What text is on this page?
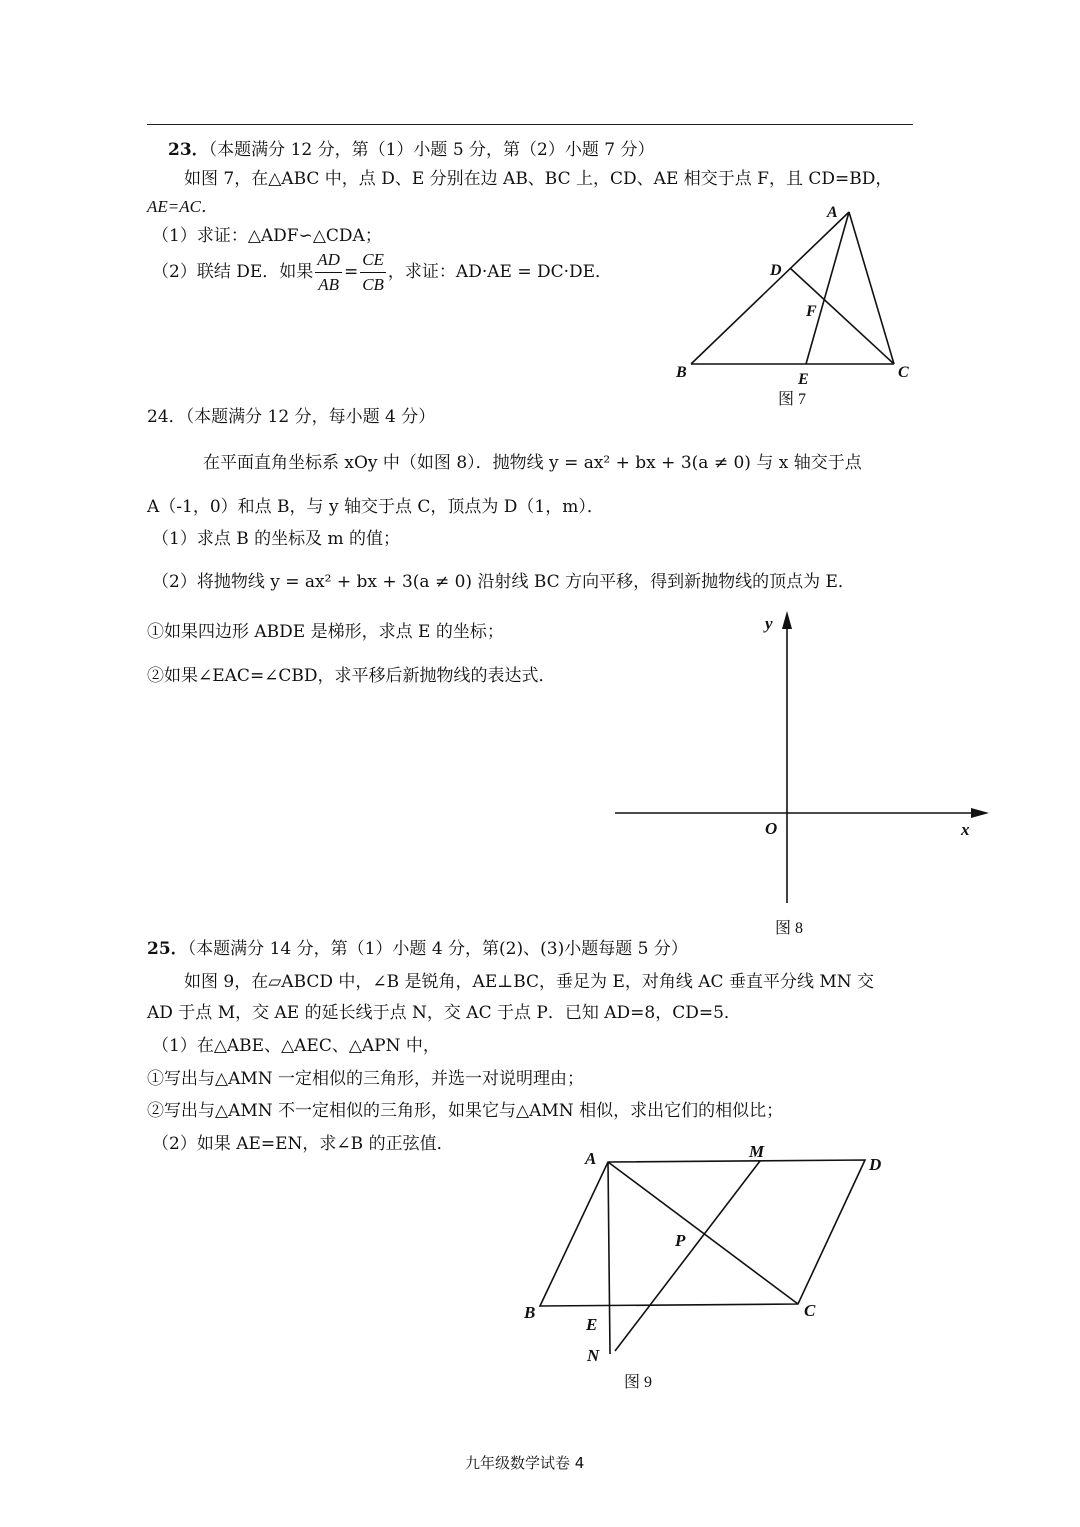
23．（本题满分 12 分，第（1）小题 5 分，第（2）小题 7 分）
如图 7，在△ABC 中，点 D、E 分别在边 AB、BC 上，CD、AE 相交于点 F，且 CD=BD，
AE=AC．
（1）求证：△ADF∽△CDA；
（2）联结 DE．如果 $\frac{AD}{AB} = \frac{CE}{CB}$ ，求证：AD·AE = DC·DE．
A
D
F
B	E	C
图 7
24．（本题满分 12 分，每小题 4 分）
在平面直角坐标系 xOy 中（如图 8）．抛物线 y = ax² + bx + 3(a ≠ 0) 与 x 轴交于点
A（-1，0）和点 B，与 y 轴交于点 C，顶点为 D（1，m）．
（1）求点 B 的坐标及 m 的值；
（2）将抛物线 y = ax² + bx + 3(a ≠ 0) 沿射线 BC 方向平移，得到新抛物线的顶点为 E．
①如果四边形 ABDE 是梯形，求点 E 的坐标；
②如果∠EAC=∠CBD，求平移后新抛物线的表达式．
y
O	x
图 8
25．（本题满分 14 分，第（1）小题 4 分，第(2)、(3)小题每题 5 分）
如图 9，在▱ABCD 中，∠B 是锐角，AE⊥BC，垂足为 E，对角线 AC 垂直平分线 MN 交
AD 于点 M，交 AE 的延长线于点 N，交 AC 于点 P．已知 AD=8，CD=5．
（1）在△ABE、△AEC、△APN 中，
①写出与△AMN 一定相似的三角形，并选一对说明理由；
②写出与△AMN 不一定相似的三角形，如果它与△AMN 相似，求出它们的相似比；
（2）如果 AE=EN，求∠B 的正弦值．
A	M
D
P
B
E
C
N
图 9
九年级数学试卷 4
